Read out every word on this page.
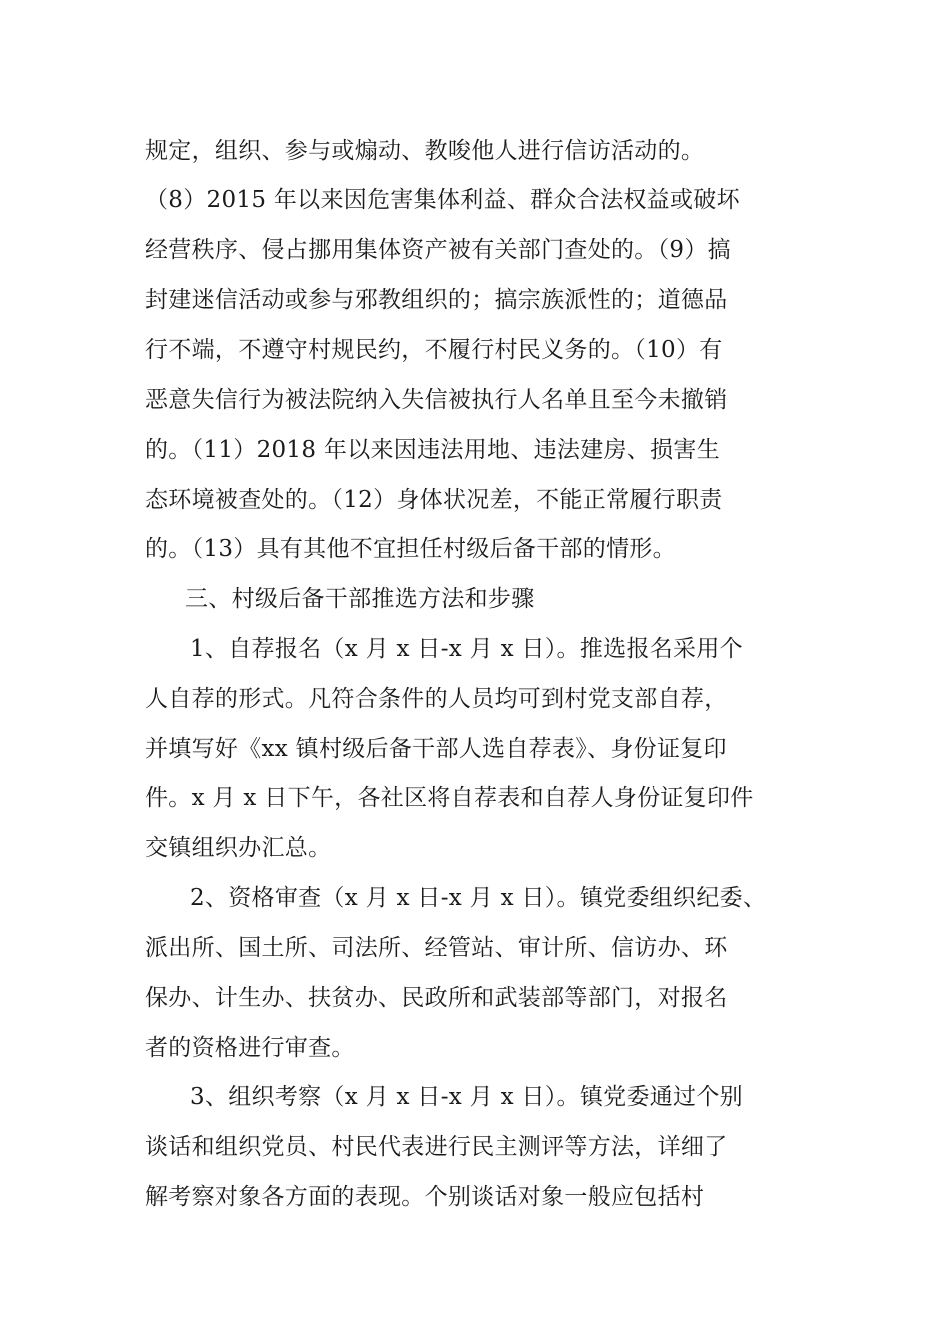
规定，组织、参与或煽动、教唆他人进行信访活动的。
（8）2015 年以来因危害集体利益、群众合法权益或破坏
经营秩序、侵占挪用集体资产被有关部门查处的。（9）搞
封建迷信活动或参与邪教组织的；搞宗族派性的；道德品
行不端，不遵守村规民约，不履行村民义务的。（10）有
恶意失信行为被法院纳入失信被执行人名单且至今未撤销
的。（11）2018 年以来因违法用地、违法建房、损害生
态环境被查处的。（12）身体状况差，不能正常履行职责
的。（13）具有其他不宜担任村级后备干部的情形。
三、村级后备干部推选方法和步骤
1、自荐报名（x 月 x 日-x 月 x 日）。推选报名采用个
人自荐的形式。凡符合条件的人员均可到村党支部自荐，
并填写好《xx 镇村级后备干部人选自荐表》、身份证复印
件。x 月 x 日下午，各社区将自荐表和自荐人身份证复印件
交镇组织办汇总。
2、资格审查（x 月 x 日-x 月 x 日）。镇党委组织纪委、
派出所、国土所、司法所、经管站、审计所、信访办、环
保办、计生办、扶贫办、民政所和武装部等部门，对报名
者的资格进行审查。
3、组织考察（x 月 x 日-x 月 x 日）。镇党委通过个别
谈话和组织党员、村民代表进行民主测评等方法，详细了
解考察对象各方面的表现。个别谈话对象一般应包括村
